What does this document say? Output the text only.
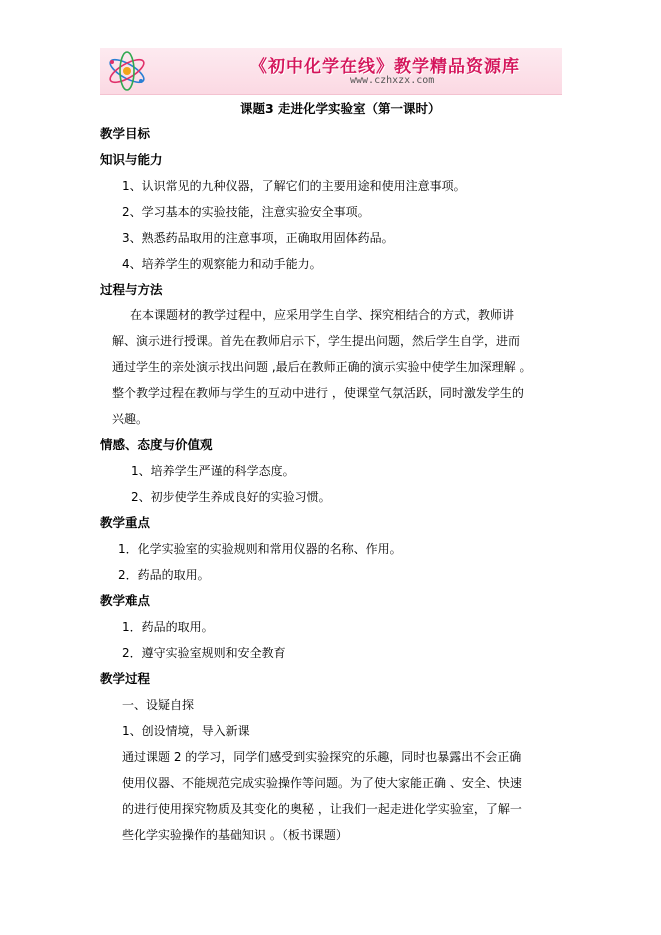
《初中化学在线》教学精品资源库
www.czhxzx.com
课题3 走进化学实验室（第一课时）
教学目标
知识与能力
1、认识常见的九种仪器，了解它们的主要用途和使用注意事项。
2、学习基本的实验技能，注意实验安全事项。
3、熟悉药品取用的注意事项，正确取用固体药品。
4、培养学生的观察能力和动手能力。
过程与方法
在本课题材的教学过程中，应采用学生自学、探究相结合的方式，教师讲
解、演示进行授课。首先在教师启示下，学生提出问题，然后学生自学，进而
通过学生的亲处演示找出问题 ,最后在教师正确的演示实验中使学生加深理解 。
整个教学过程在教师与学生的互动中进行 ，使课堂气氛活跃，同时激发学生的
兴趣。
情感、态度与价值观
1、培养学生严谨的科学态度。
2、初步使学生养成良好的实验习惯。
教学重点
1．化学实验室的实验规则和常用仪器的名称、作用。
2．药品的取用。
教学难点
1．药品的取用。
2．遵守实验室规则和安全教育
教学过程
一、设疑自探
1、创设情境，导入新课
通过课题 2 的学习，同学们感受到实验探究的乐趣，同时也暴露出不会正确
使用仪器、不能规范完成实验操作等问题。为了使大家能正确 、安全、快速
的进行使用探究物质及其变化的奥秘 ，让我们一起走进化学实验室，了解一
些化学实验操作的基础知识 。（板书课题）
